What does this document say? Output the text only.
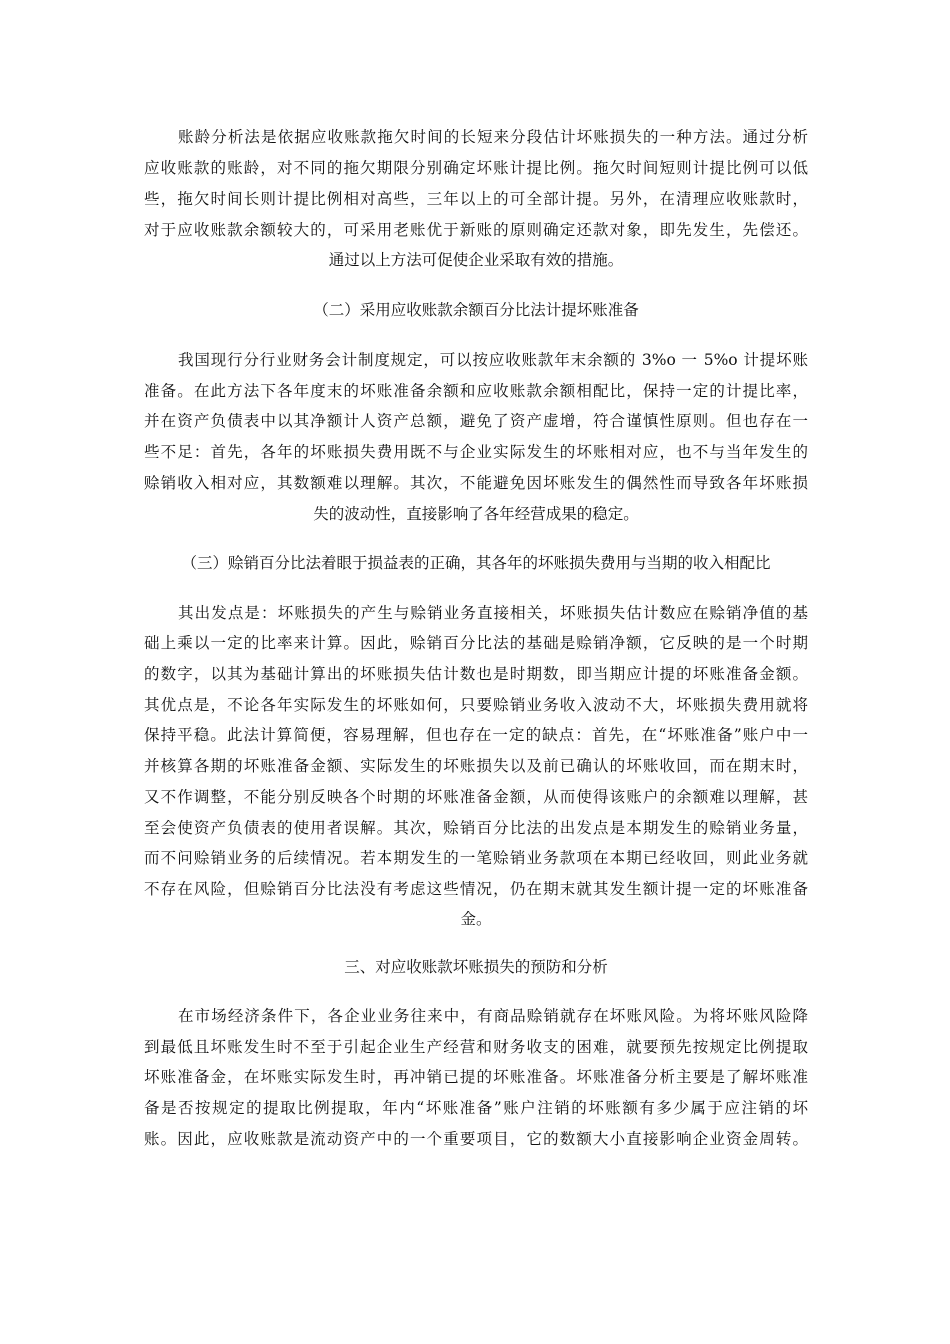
账龄分析法是依据应收账款拖欠时间的长短来分段估计坏账损失的一种方法。通过分析
应收账款的账龄，对不同的拖欠期限分别确定坏账计提比例。拖欠时间短则计提比例可以低
些，拖欠时间长则计提比例相对高些，三年以上的可全部计提。另外，在清理应收账款时，
对于应收账款余额较大的，可采用老账优于新账的原则确定还款对象，即先发生，先偿还。
通过以上方法可促使企业采取有效的措施。
（二）采用应收账款余额百分比法计提坏账准备
我国现行分行业财务会计制度规定，可以按应收账款年末余额的 3%o 一 5%o 计提坏账
准备。在此方法下各年度末的坏账准备余额和应收账款余额相配比，保持一定的计提比率，
并在资产负债表中以其净额计人资产总额，避免了资产虚增，符合谨慎性原则。但也存在一
些不足：首先，各年的坏账损失费用既不与企业实际发生的坏账相对应，也不与当年发生的
赊销收入相对应，其数额难以理解。其次，不能避免因坏账发生的偶然性而导致各年坏账损
失的波动性，直接影响了各年经营成果的稳定。
（三）赊销百分比法着眼于损益表的正确，其各年的坏账损失费用与当期的收入相配比
其出发点是：坏账损失的产生与赊销业务直接相关，坏账损失估计数应在赊销净值的基
础上乘以一定的比率来计算。因此，赊销百分比法的基础是赊销净额，它反映的是一个时期
的数字，以其为基础计算出的坏账损失估计数也是时期数，即当期应计提的坏账准备金额。
其优点是，不论各年实际发生的坏账如何，只要赊销业务收入波动不大，坏账损失费用就将
保持平稳。此法计算简便，容易理解，但也存在一定的缺点：首先，在“坏账准备”账户中一
并核算各期的坏账准备金额、实际发生的坏账损失以及前已确认的坏账收回，而在期末时，
又不作调整，不能分别反映各个时期的坏账准备金额，从而使得该账户的余额难以理解，甚
至会使资产负债表的使用者误解。其次，赊销百分比法的出发点是本期发生的赊销业务量，
而不问赊销业务的后续情况。若本期发生的一笔赊销业务款项在本期已经收回，则此业务就
不存在风险，但赊销百分比法没有考虑这些情况，仍在期末就其发生额计提一定的坏账准备
金。
三、对应收账款坏账损失的预防和分析
在市场经济条件下，各企业业务往来中，有商品赊销就存在坏账风险。为将坏账风险降
到最低且坏账发生时不至于引起企业生产经营和财务收支的困难，就要预先按规定比例提取
坏账准备金，在坏账实际发生时，再冲销已提的坏账准备。坏账准备分析主要是了解坏账准
备是否按规定的提取比例提取，年内“坏账准备”账户注销的坏账额有多少属于应注销的坏
账。因此，应收账款是流动资产中的一个重要项目，它的数额大小直接影响企业资金周转。
